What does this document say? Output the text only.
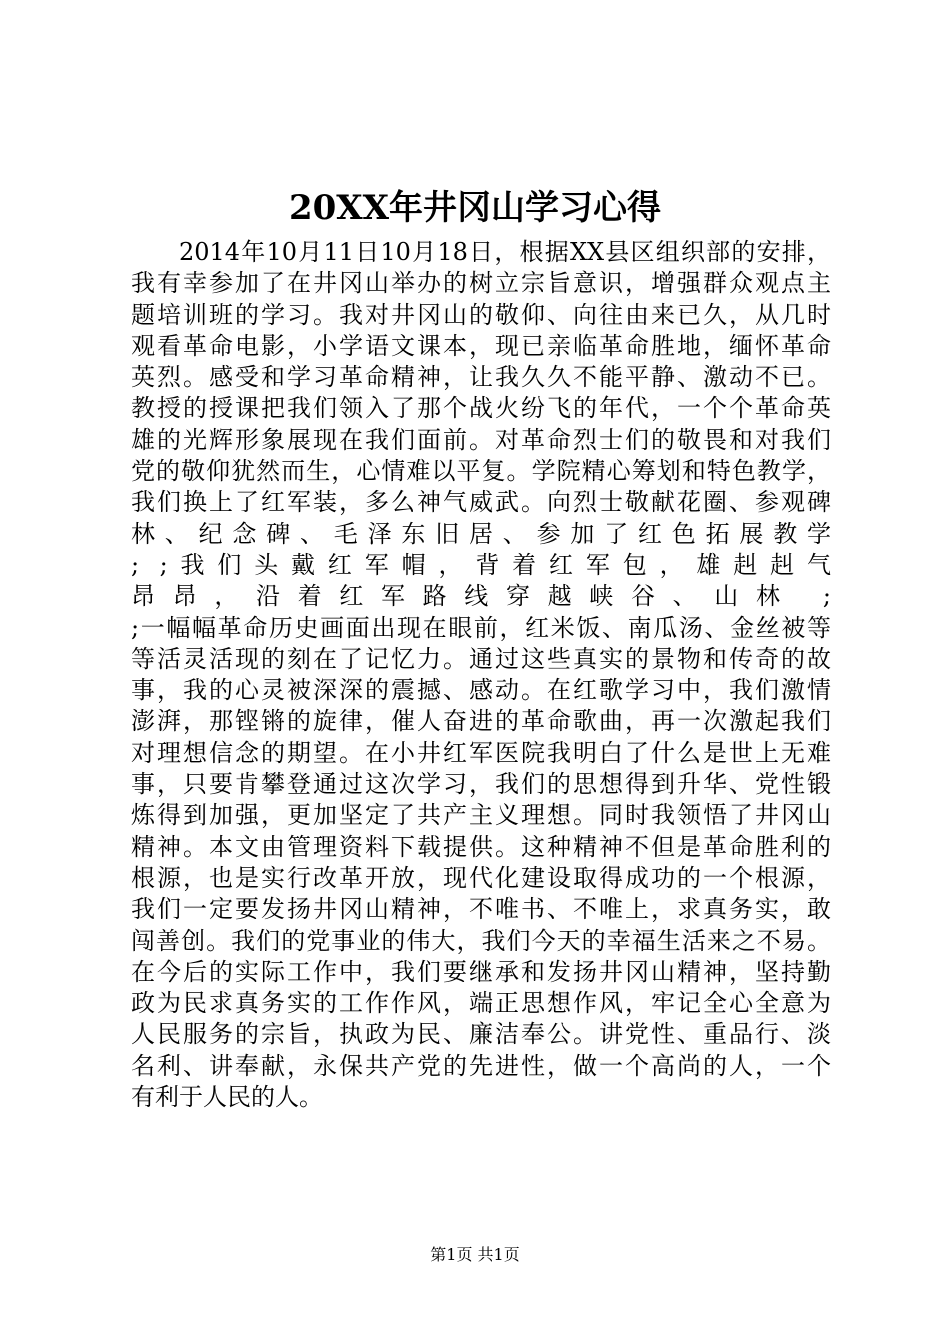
20XX年井冈山学习心得
2014年10月11日10月18日，根据XX县区组织部的安排，
我有幸参加了在井冈山举办的树立宗旨意识，增强群众观点主
题培训班的学习。我对井冈山的敬仰、向往由来已久，从几时
观看革命电影，小学语文课本，现已亲临革命胜地，缅怀革命
英烈。感受和学习革命精神，让我久久不能平静、激动不已。
教授的授课把我们领入了那个战火纷飞的年代，一个个革命英
雄的光辉形象展现在我们面前。对革命烈士们的敬畏和对我们
党的敬仰犹然而生，心情难以平复。学院精心筹划和特色教学，
我们换上了红军装，多么神气威武。向烈士敬献花圈、参观碑
林、纪念碑、毛泽东旧居、参加了红色拓展教学
; ;我们头戴红军帽，背着红军包，雄赳赳气
昂昂，沿着红军路线穿越峡谷、山林 ;
;一幅幅革命历史画面出现在眼前，红米饭、南瓜汤、金丝被等
等活灵活现的刻在了记忆力。通过这些真实的景物和传奇的故
事，我的心灵被深深的震撼、感动。在红歌学习中，我们激情
澎湃，那铿锵的旋律，催人奋进的革命歌曲，再一次激起我们
对理想信念的期望。在小井红军医院我明白了什么是世上无难
事，只要肯攀登通过这次学习，我们的思想得到升华、党性锻
炼得到加强，更加坚定了共产主义理想。同时我领悟了井冈山
精神。本文由管理资料下载提供。这种精神不但是革命胜利的
根源，也是实行改革开放，现代化建设取得成功的一个根源，
我们一定要发扬井冈山精神，不唯书、不唯上，求真务实，敢
闯善创。我们的党事业的伟大，我们今天的幸福生活来之不易。
在今后的实际工作中，我们要继承和发扬井冈山精神，坚持勤
政为民求真务实的工作作风，端正思想作风，牢记全心全意为
人民服务的宗旨，执政为民、廉洁奉公。讲党性、重品行、淡
名利、讲奉献，永保共产党的先进性，做一个高尚的人，一个
有利于人民的人。
第1页 共1页
